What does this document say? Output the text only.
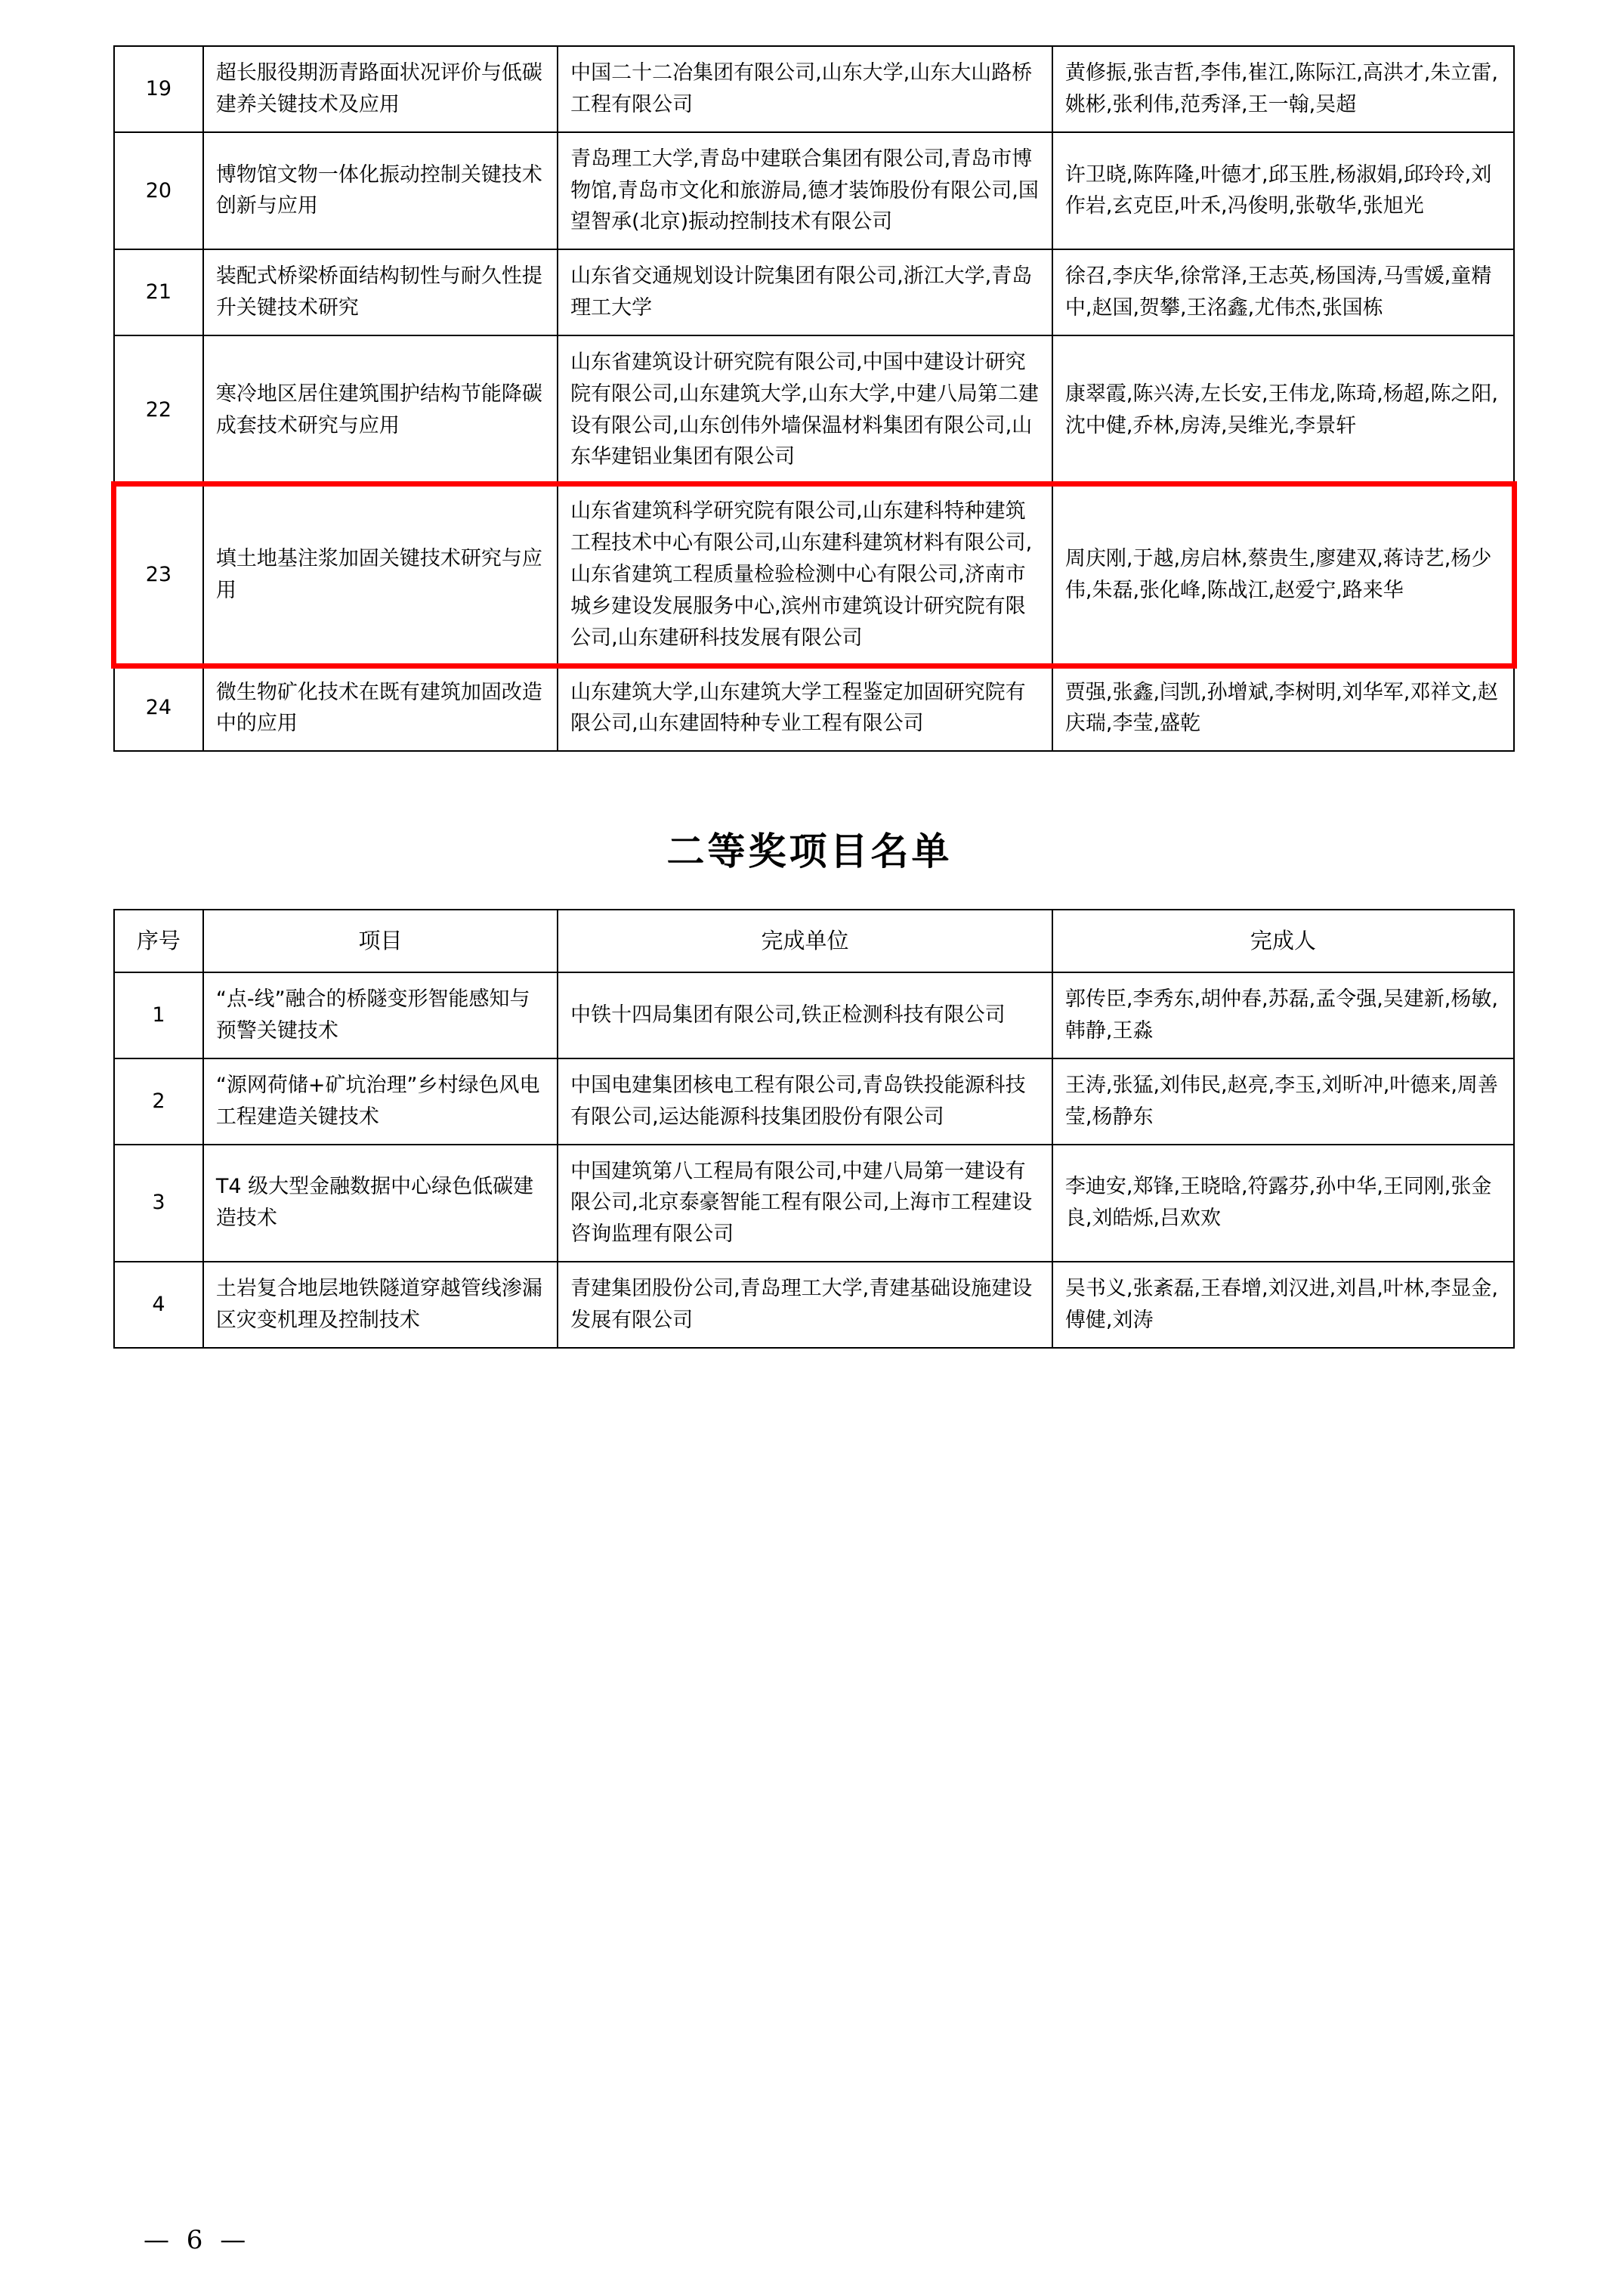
19	超长服役期沥青路面状况评价与低碳建养关键技术及应用	中国二十二冶集团有限公司,山东大学,山东大山路桥工程有限公司	黄修振,张吉哲,李伟,崔江,陈际江,高洪才,朱立雷,姚彬,张利伟,范秀泽,王一翰,吴超
20	博物馆文物一体化振动控制关键技术创新与应用	青岛理工大学,青岛中建联合集团有限公司,青岛市博物馆,青岛市文化和旅游局,德才装饰股份有限公司,国望智承(北京)振动控制技术有限公司	许卫晓,陈阵隆,叶德才,邱玉胜,杨淑娟,邱玲玲,刘作岩,玄克臣,叶禾,冯俊明,张敬华,张旭光
21	装配式桥梁桥面结构韧性与耐久性提升关键技术研究	山东省交通规划设计院集团有限公司,浙江大学,青岛理工大学	徐召,李庆华,徐常泽,王志英,杨国涛,马雪媛,童精中,赵国,贺攀,王洺鑫,尤伟杰,张国栋
22	寒冷地区居住建筑围护结构节能降碳成套技术研究与应用	山东省建筑设计研究院有限公司,中国中建设计研究院有限公司,山东建筑大学,山东大学,中建八局第二建设有限公司,山东创伟外墙保温材料集团有限公司,山东华建铝业集团有限公司	康翠霞,陈兴涛,左长安,王伟龙,陈琦,杨超,陈之阳,沈中健,乔林,房涛,吴维光,李景轩
23	填土地基注浆加固关键技术研究与应用	山东省建筑科学研究院有限公司,山东建科特种建筑工程技术中心有限公司,山东建科建筑材料有限公司,山东省建筑工程质量检验检测中心有限公司,济南市城乡建设发展服务中心,滨州市建筑设计研究院有限公司,山东建研科技发展有限公司	周庆刚,于越,房启林,蔡贵生,廖建双,蒋诗艺,杨少伟,朱磊,张化峰,陈战江,赵爱宁,路来华
24	微生物矿化技术在既有建筑加固改造中的应用	山东建筑大学,山东建筑大学工程鉴定加固研究院有限公司,山东建固特种专业工程有限公司	贾强,张鑫,闫凯,孙增斌,李树明,刘华军,邓祥文,赵庆瑞,李莹,盛乾
二等奖项目名单
序号	项目	完成单位	完成人
1	“点-线”融合的桥隧变形智能感知与预警关键技术	中铁十四局集团有限公司,铁正检测科技有限公司	郭传臣,李秀东,胡仲春,苏磊,孟令强,吴建新,杨敏,韩静,王淼
2	“源网荷储+矿坑治理”乡村绿色风电工程建造关键技术	中国电建集团核电工程有限公司,青岛铁投能源科技有限公司,运达能源科技集团股份有限公司	王涛,张猛,刘伟民,赵亮,李玉,刘昕冲,叶德来,周善莹,杨静东
3	T4 级大型金融数据中心绿色低碳建造技术	中国建筑第八工程局有限公司,中建八局第一建设有限公司,北京泰豪智能工程有限公司,上海市工程建设咨询监理有限公司	李迪安,郑锋,王晓晗,符露芬,孙中华,王同刚,张金良,刘皓烁,吕欢欢
4	土岩复合地层地铁隧道穿越管线渗漏区灾变机理及控制技术	青建集团股份公司,青岛理工大学,青建基础设施建设发展有限公司	吴书义,张紊磊,王春增,刘汉进,刘昌,叶林,李显金,傅健,刘涛
— 6 —
